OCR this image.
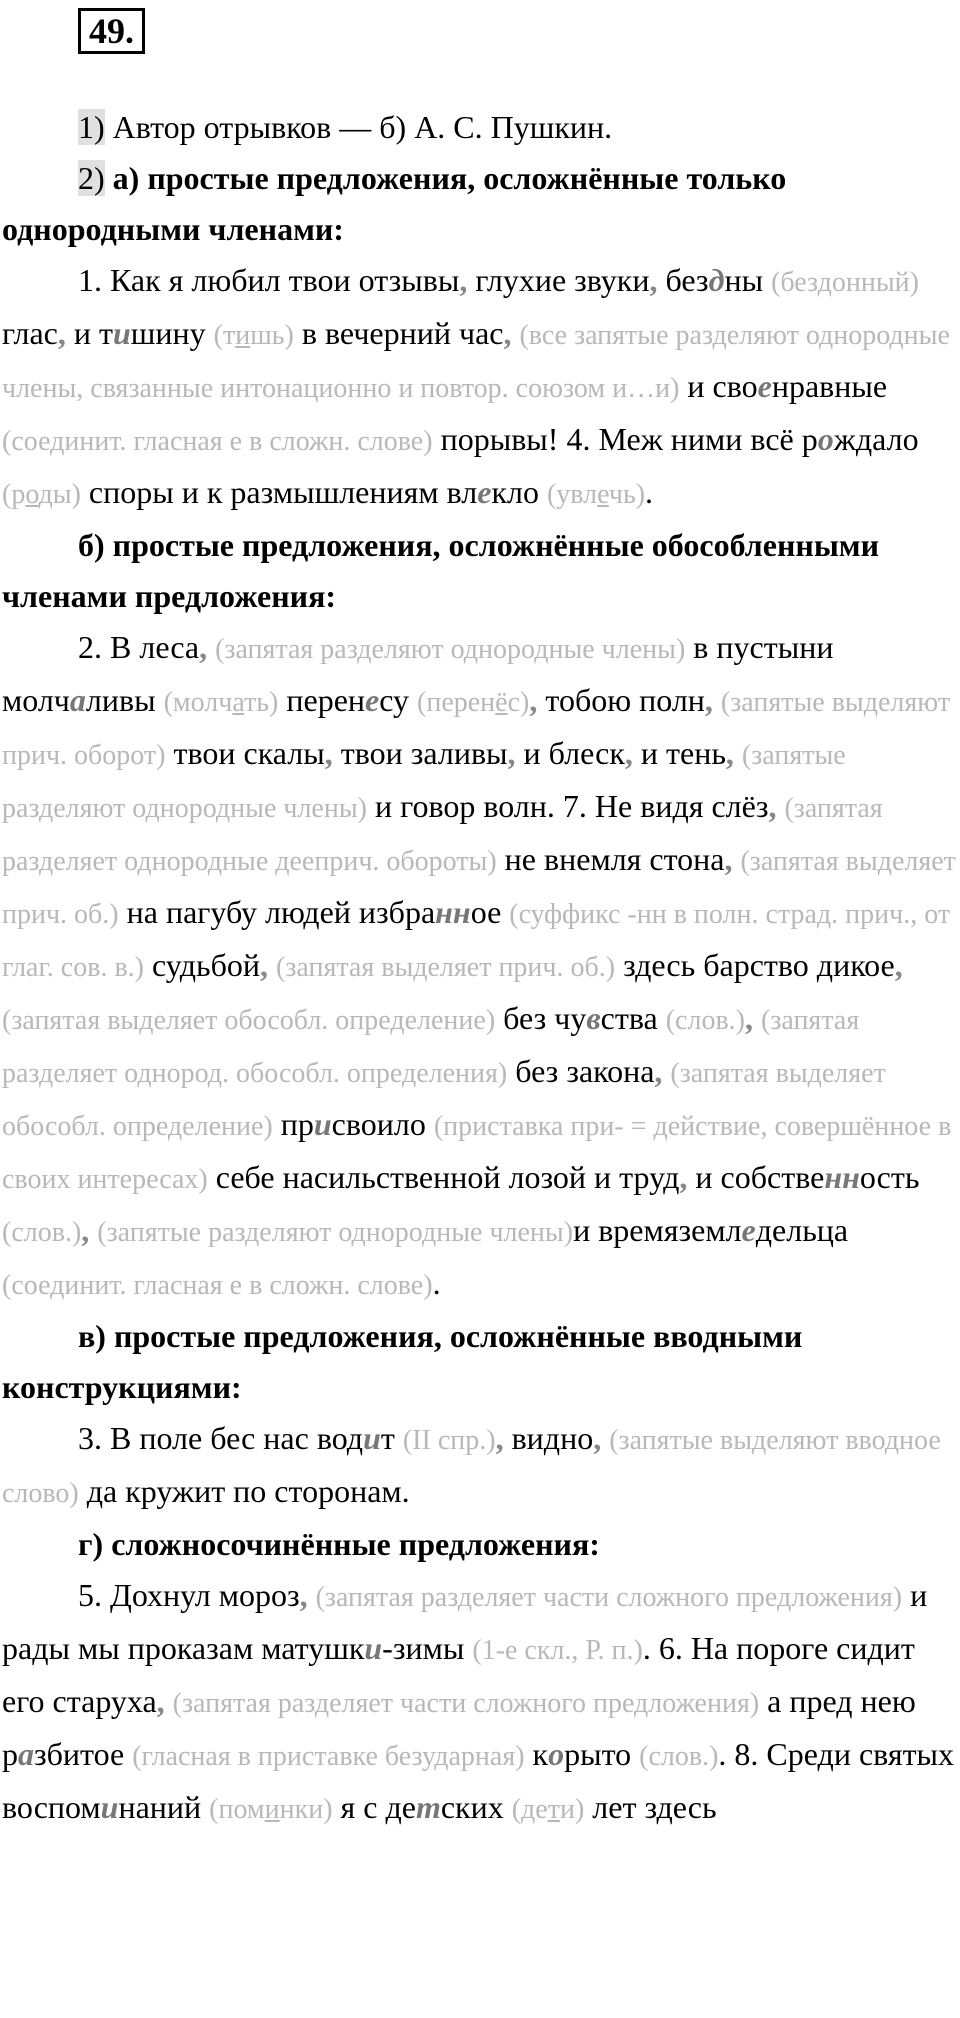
49.

1) Автор отрывков — б) А. С. Пушкин.

2) а) простые предложения, осложнённые только однородными членами:

1. Как я любил твои отзывы, глухие звуки, бездны (бездонный) глас, и тишину (тишь) в вечерний час, (все запятые разделяют однородные члены, связанные интонационно и повтор. союзом и…и) и своенравные (соединит. гласная е в сложн. слове) порывы! 4. Меж ними всё рождало (роды) споры и к размышлениям влекло (увлечь).

б) простые предложения, осложнённые обособленными членами предложения:

2. В леса, (запятая разделяют однородные члены) в пустыни молчаливы (молчать) перенесу (перенёс), тобою полн, (запятые выделяют прич. оборот) твои скалы, твои заливы, и блеск, и тень, (запятые разделяют однородные члены) и говор волн. 7. Не видя слёз, (запятая разделяет однородные дееприч. обороты) не внемля стона, (запятая выделяет прич. об.) на пагубу людей избранное (суффикс -нн в полн. страд. прич., от глаг. сов. в.) судьбой, (запятая выделяет прич. об.) здесь барство дикое, (запятая выделяет обособл. определение) без чувства (слов.), (запятая разделяет однород. обособл. определения) без закона, (запятая выделяет обособл. определение) присвоило (приставка при- = действие, совершённое в своих интересах) себе насильственной лозой и труд, и собственность (слов.), (запятые разделяют однородные члены)и времяземледельца (соединит. гласная е в сложн. слове).

в) простые предложения, осложнённые вводными конструкциями:

3. В поле бес нас водит (II спр.), видно, (запятые выделяют вводное слово) да кружит по сторонам.

г) сложносочинённые предложения:

5. Дохнул мороз, (запятая разделяет части сложного предложения) и рады мы проказам матушки-зимы (1-е скл., Р. п.). 6. На пороге сидит его старуха, (запятая разделяет части сложного предложения) а пред нею разбитое (гласная в приставке безударная) корыто (слов.). 8. Среди святых воспоминаний (поминки) я с детских (дети) лет здесь
